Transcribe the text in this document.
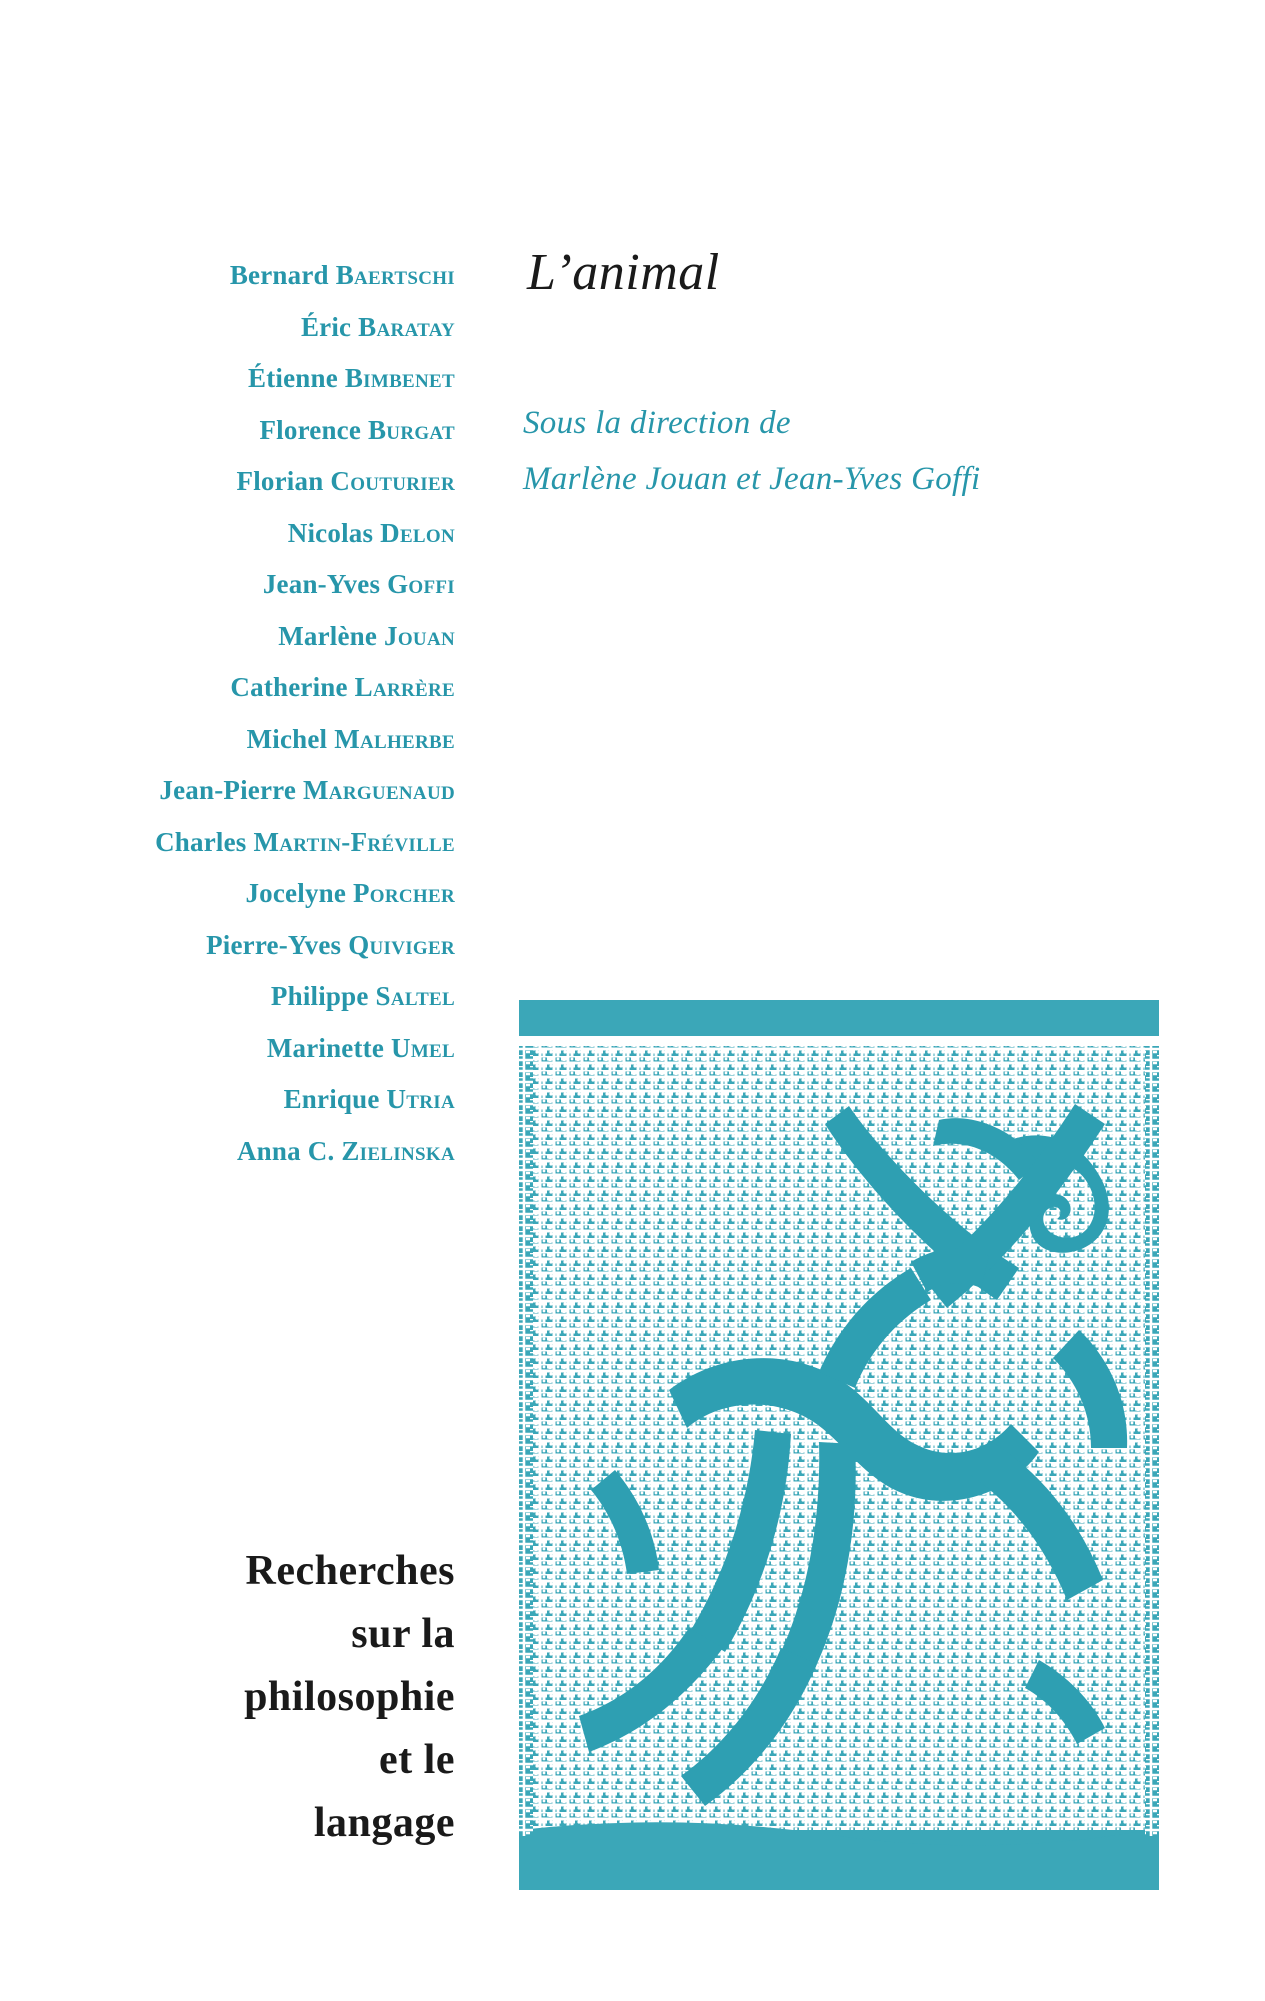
Bernard Baertschi
Éric Baratay
Étienne Bimbenet
Florence Burgat
Florian Couturier
Nicolas Delon
Jean-Yves Goffi
Marlène Jouan
Catherine Larrère
Michel Malherbe
Jean-Pierre Marguenaud
Charles Martin-Fréville
Jocelyne Porcher
Pierre-Yves Quiviger
Philippe Saltel
Marinette Umel
Enrique Utria
Anna C. Zielinska
Recherches
sur la
philosophie
et le
langage
L’animal
Sous la direction de
Marlène Jouan et Jean-Yves Goffi
